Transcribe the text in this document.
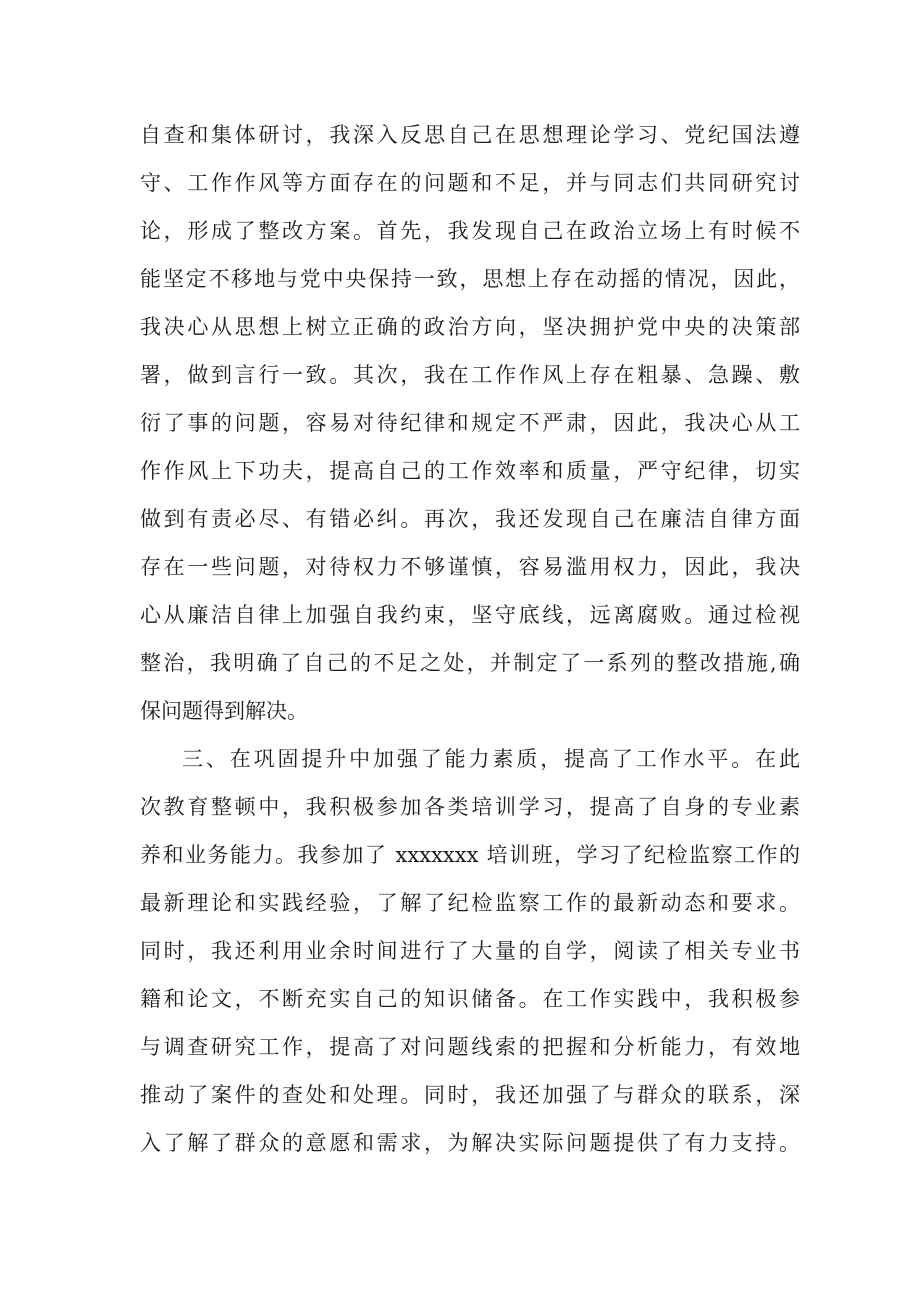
自查和集体研讨，我深入反思自己在思想理论学习、党纪国法遵
守、工作作风等方面存在的问题和不足，并与同志们共同研究讨
论，形成了整改方案。首先，我发现自己在政治立场上有时候不
能坚定不移地与党中央保持一致，思想上存在动摇的情况，因此，
我决心从思想上树立正确的政治方向，坚决拥护党中央的决策部
署，做到言行一致。其次，我在工作作风上存在粗暴、急躁、敷
衍了事的问题，容易对待纪律和规定不严肃，因此，我决心从工
作作风上下功夫，提高自己的工作效率和质量，严守纪律，切实
做到有责必尽、有错必纠。再次，我还发现自己在廉洁自律方面
存在一些问题，对待权力不够谨慎，容易滥用权力，因此，我决
心从廉洁自律上加强自我约束，坚守底线，远离腐败。通过检视
整治，我明确了自己的不足之处，并制定了一系列的整改措施,确
保问题得到解决。
三、在巩固提升中加强了能力素质，提高了工作水平。在此
次教育整顿中，我积极参加各类培训学习，提高了自身的专业素
养和业务能力。我参加了 xxxxxxx 培训班，学习了纪检监察工作的
最新理论和实践经验，了解了纪检监察工作的最新动态和要求。
同时，我还利用业余时间进行了大量的自学，阅读了相关专业书
籍和论文，不断充实自己的知识储备。在工作实践中，我积极参
与调查研究工作，提高了对问题线索的把握和分析能力，有效地
推动了案件的查处和处理。同时，我还加强了与群众的联系，深
入了解了群众的意愿和需求，为解决实际问题提供了有力支持。
